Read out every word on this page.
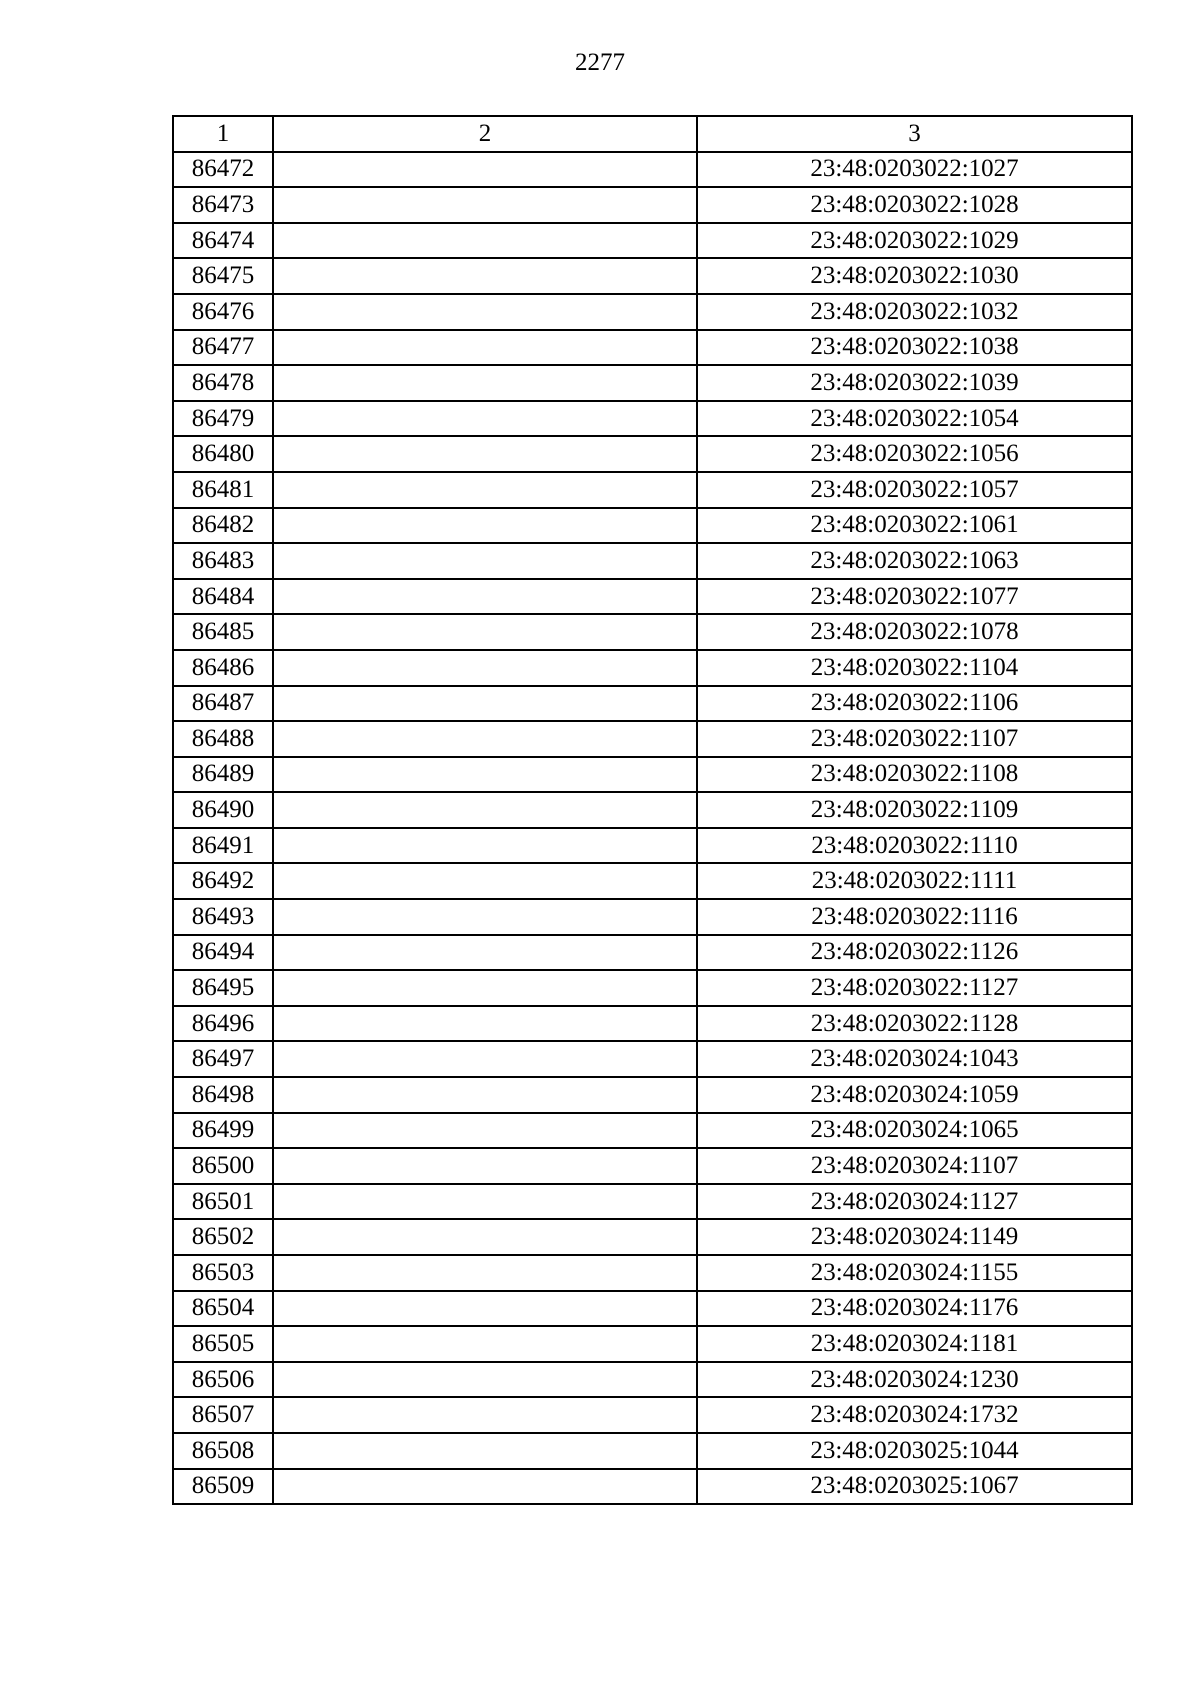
2277
1	2	3
86472		23:48:0203022:1027
86473		23:48:0203022:1028
86474		23:48:0203022:1029
86475		23:48:0203022:1030
86476		23:48:0203022:1032
86477		23:48:0203022:1038
86478		23:48:0203022:1039
86479		23:48:0203022:1054
86480		23:48:0203022:1056
86481		23:48:0203022:1057
86482		23:48:0203022:1061
86483		23:48:0203022:1063
86484		23:48:0203022:1077
86485		23:48:0203022:1078
86486		23:48:0203022:1104
86487		23:48:0203022:1106
86488		23:48:0203022:1107
86489		23:48:0203022:1108
86490		23:48:0203022:1109
86491		23:48:0203022:1110
86492		23:48:0203022:1111
86493		23:48:0203022:1116
86494		23:48:0203022:1126
86495		23:48:0203022:1127
86496		23:48:0203022:1128
86497		23:48:0203024:1043
86498		23:48:0203024:1059
86499		23:48:0203024:1065
86500		23:48:0203024:1107
86501		23:48:0203024:1127
86502		23:48:0203024:1149
86503		23:48:0203024:1155
86504		23:48:0203024:1176
86505		23:48:0203024:1181
86506		23:48:0203024:1230
86507		23:48:0203024:1732
86508		23:48:0203025:1044
86509		23:48:0203025:1067
